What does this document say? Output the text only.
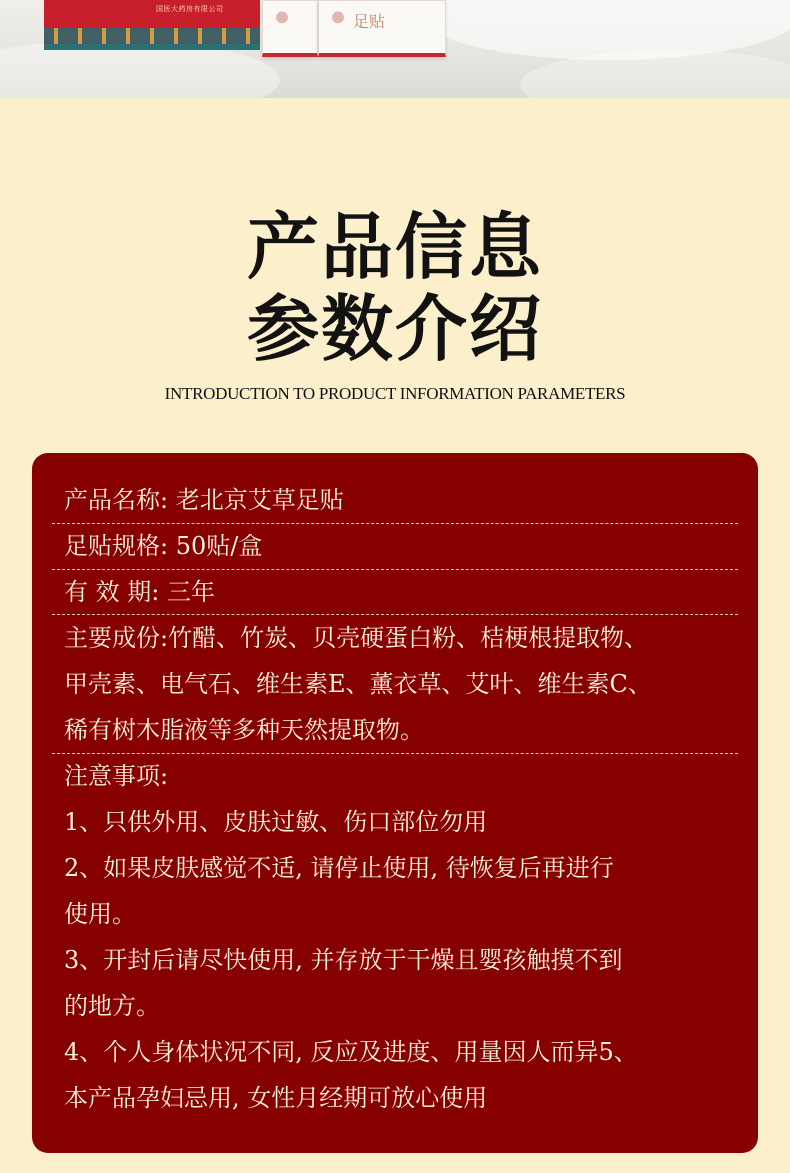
国医大药房有限公司
足贴
产品信息
参数介绍
INTRODUCTION TO PRODUCT INFORMATION PARAMETERS
产品名称: 老北京艾草足贴
足贴规格: 50贴/盒
有 效 期: 三年
主要成份:竹醋、竹炭、贝壳硬蛋白粉、桔梗根提取物、
甲壳素、电气石、维生素E、薰衣草、艾叶、维生素C、
稀有树木脂液等多种天然提取物。
注意事项:
1、只供外用、皮肤过敏、伤口部位勿用
2、如果皮肤感觉不适, 请停止使用, 待恢复后再进行
使用。
3、开封后请尽快使用, 并存放于干燥且婴孩触摸不到
的地方。
4、个人身体状况不同, 反应及进度、用量因人而异5、
本产品孕妇忌用, 女性月经期可放心使用
